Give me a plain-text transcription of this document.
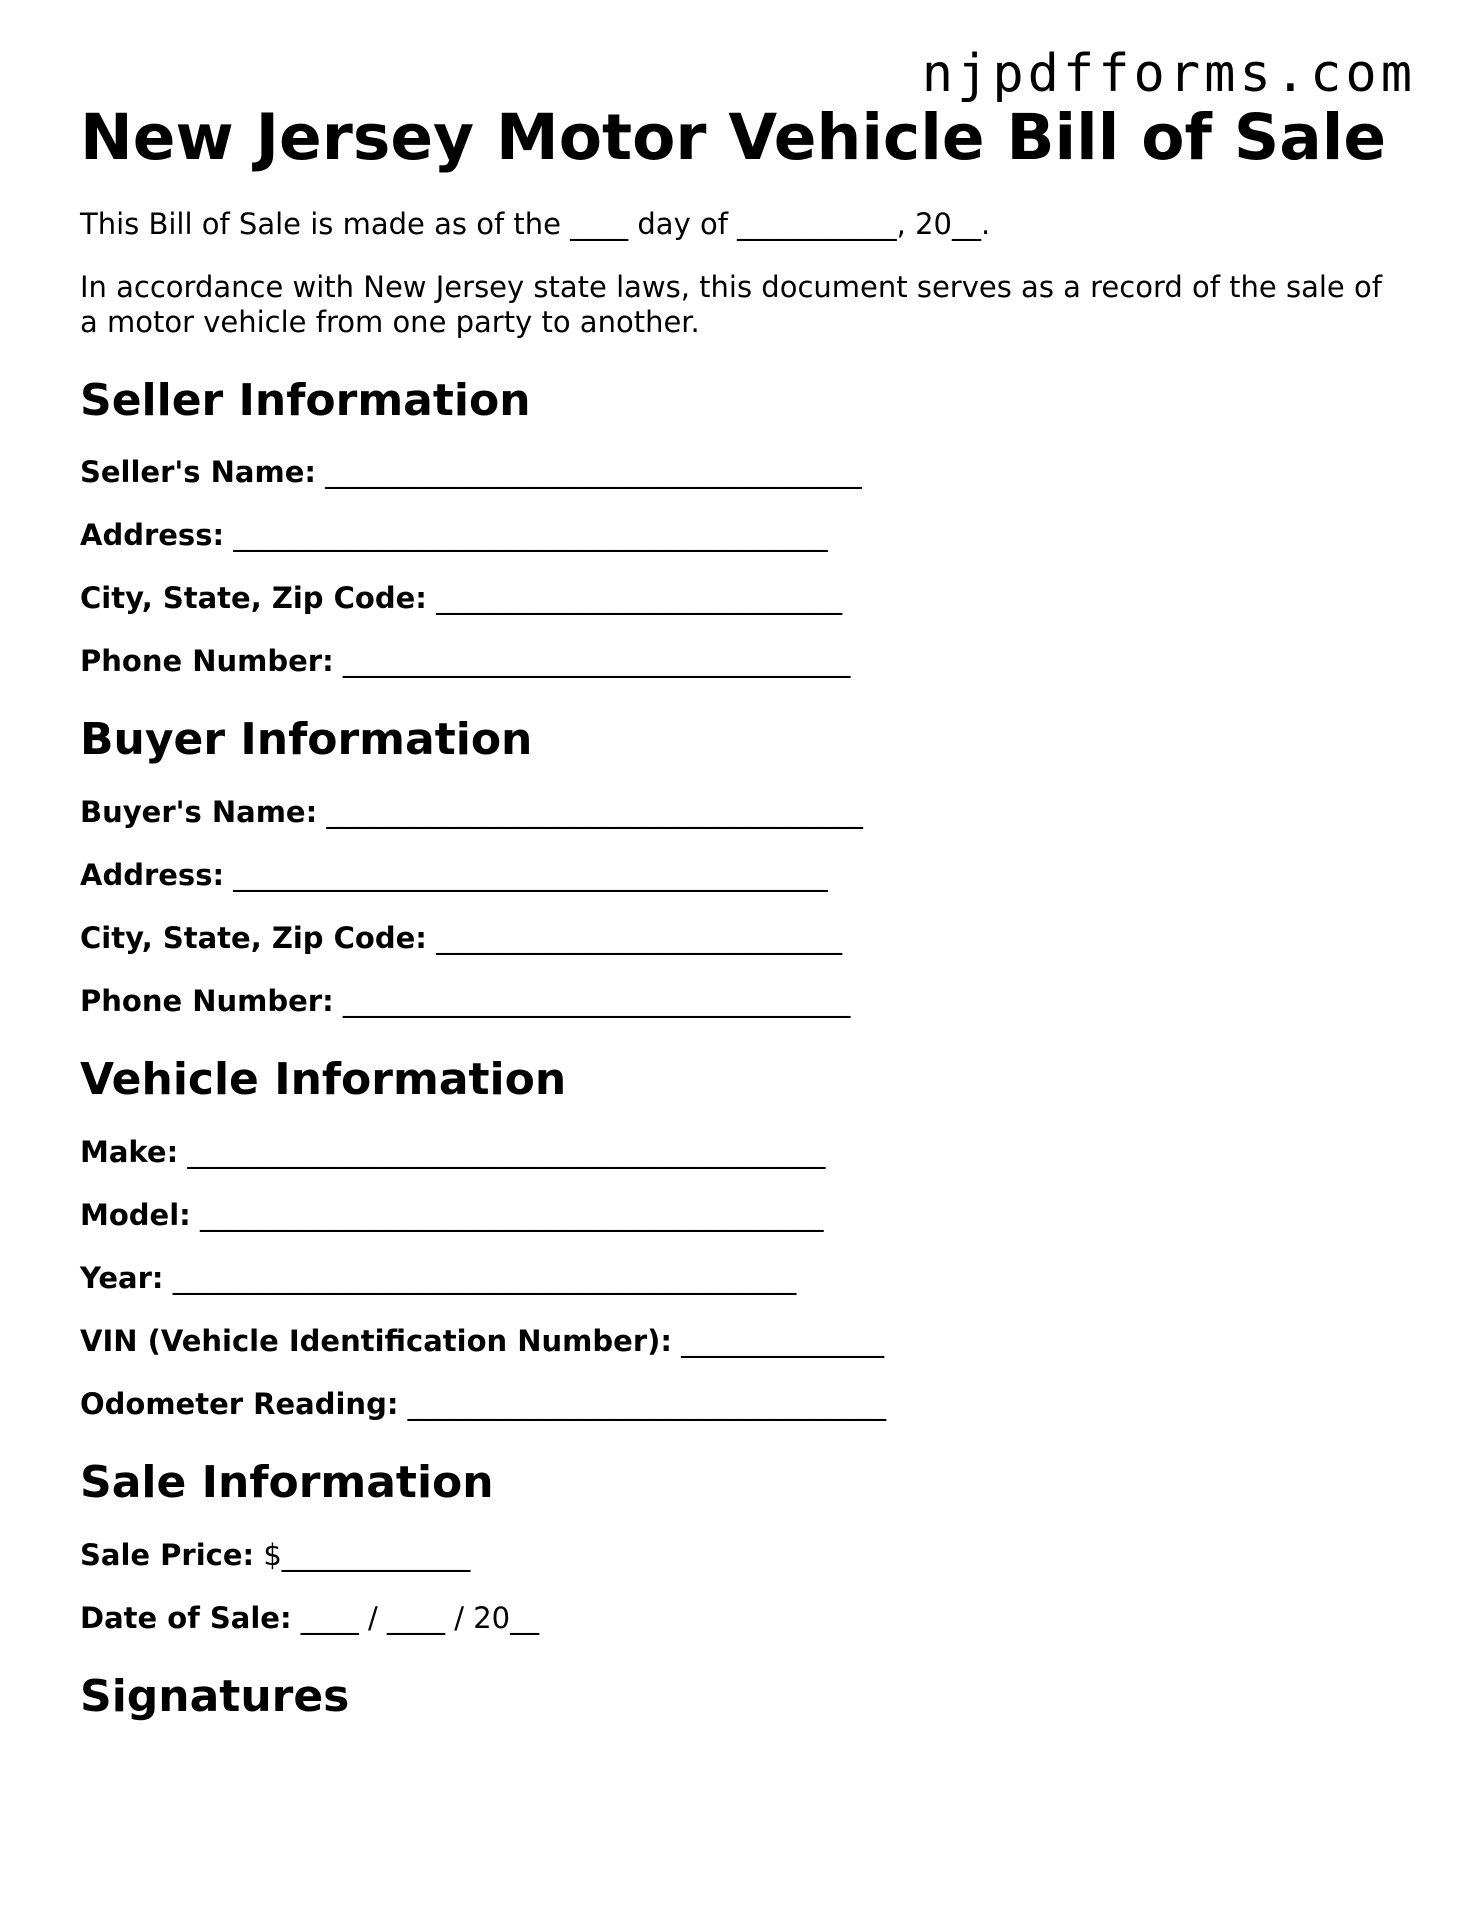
njpdfforms.com
New Jersey Motor Vehicle Bill of Sale

This Bill of Sale is made as of the ____ day of ___________, 20__.

In accordance with New Jersey state laws, this document serves as a record of the sale of a motor vehicle from one party to another.

Seller Information

Seller's Name: _____________________________________

Address: _________________________________________

City, State, Zip Code: ____________________________

Phone Number: ___________________________________

Buyer Information

Buyer's Name: _____________________________________

Address: _________________________________________

City, State, Zip Code: ____________________________

Phone Number: ___________________________________

Vehicle Information

Make: ____________________________________________

Model: ___________________________________________

Year: ___________________________________________

VIN (Vehicle Identification Number): ______________

Odometer Reading: _________________________________

Sale Information

Sale Price: $_____________

Date of Sale: ____ / ____ / 20__

Signatures
